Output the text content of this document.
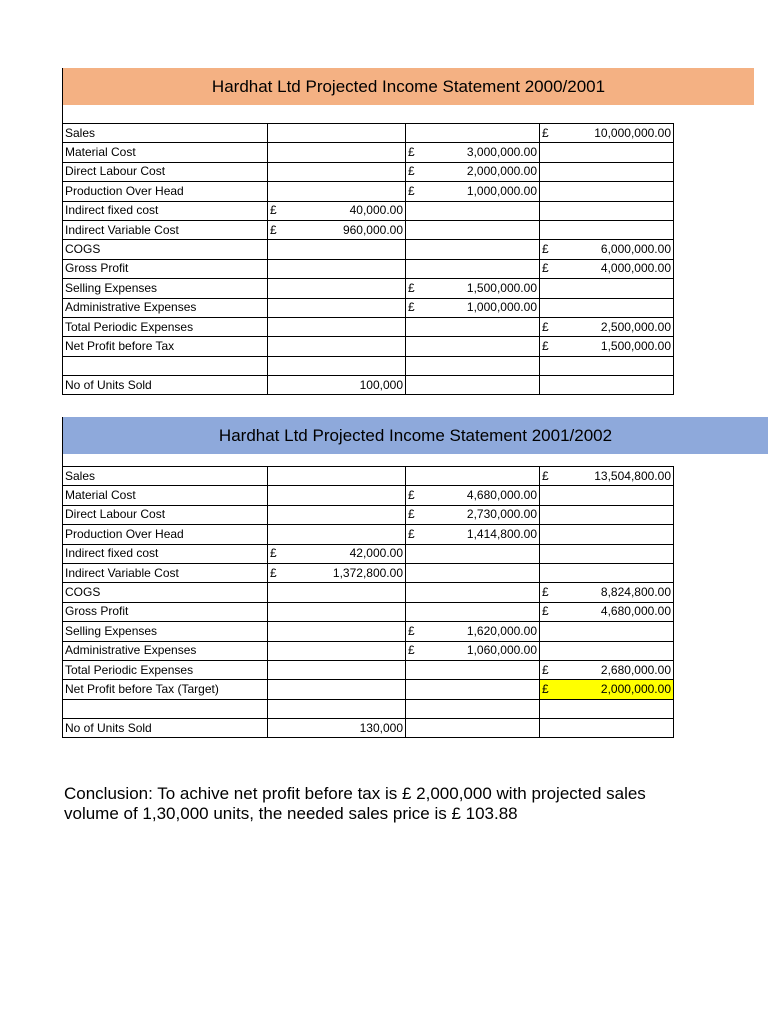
Hardhat Ltd Projected Income Statement 2000/2001
Sales			£ 10,000,000.00

Material Cost		£ 3,000,000.00	

Direct Labour Cost		£ 2,000,000.00	

Production Over Head		£ 1,000,000.00	

Indirect fixed cost	£ 40,000.00		

Indirect Variable Cost	£ 960,000.00		

COGS			£ 6,000,000.00

Gross Profit			£ 4,000,000.00

Selling Expenses		£ 1,500,000.00	

Administrative Expenses		£ 1,000,000.00	

Total Periodic Expenses			£ 2,500,000.00

Net Profit before Tax			£ 1,500,000.00

No of Units Sold	100,000		
Hardhat Ltd Projected Income Statement 2001/2002
Sales			£ 13,504,800.00

Material Cost		£ 4,680,000.00	

Direct Labour Cost		£ 2,730,000.00	

Production Over Head		£ 1,414,800.00	

Indirect fixed cost	£ 42,000.00		

Indirect Variable Cost	£ 1,372,800.00		

COGS			£ 8,824,800.00

Gross Profit			£ 4,680,000.00

Selling Expenses		£ 1,620,000.00	

Administrative Expenses		£ 1,060,000.00	

Total Periodic Expenses			£ 2,680,000.00

Net Profit before Tax (Target)			£ 2,000,000.00

No of Units Sold	130,000		
Conclusion: To achive net profit before tax is £ 2,000,000 with projected sales
volume of 1,30,000 units, the needed sales price is £ 103.88
